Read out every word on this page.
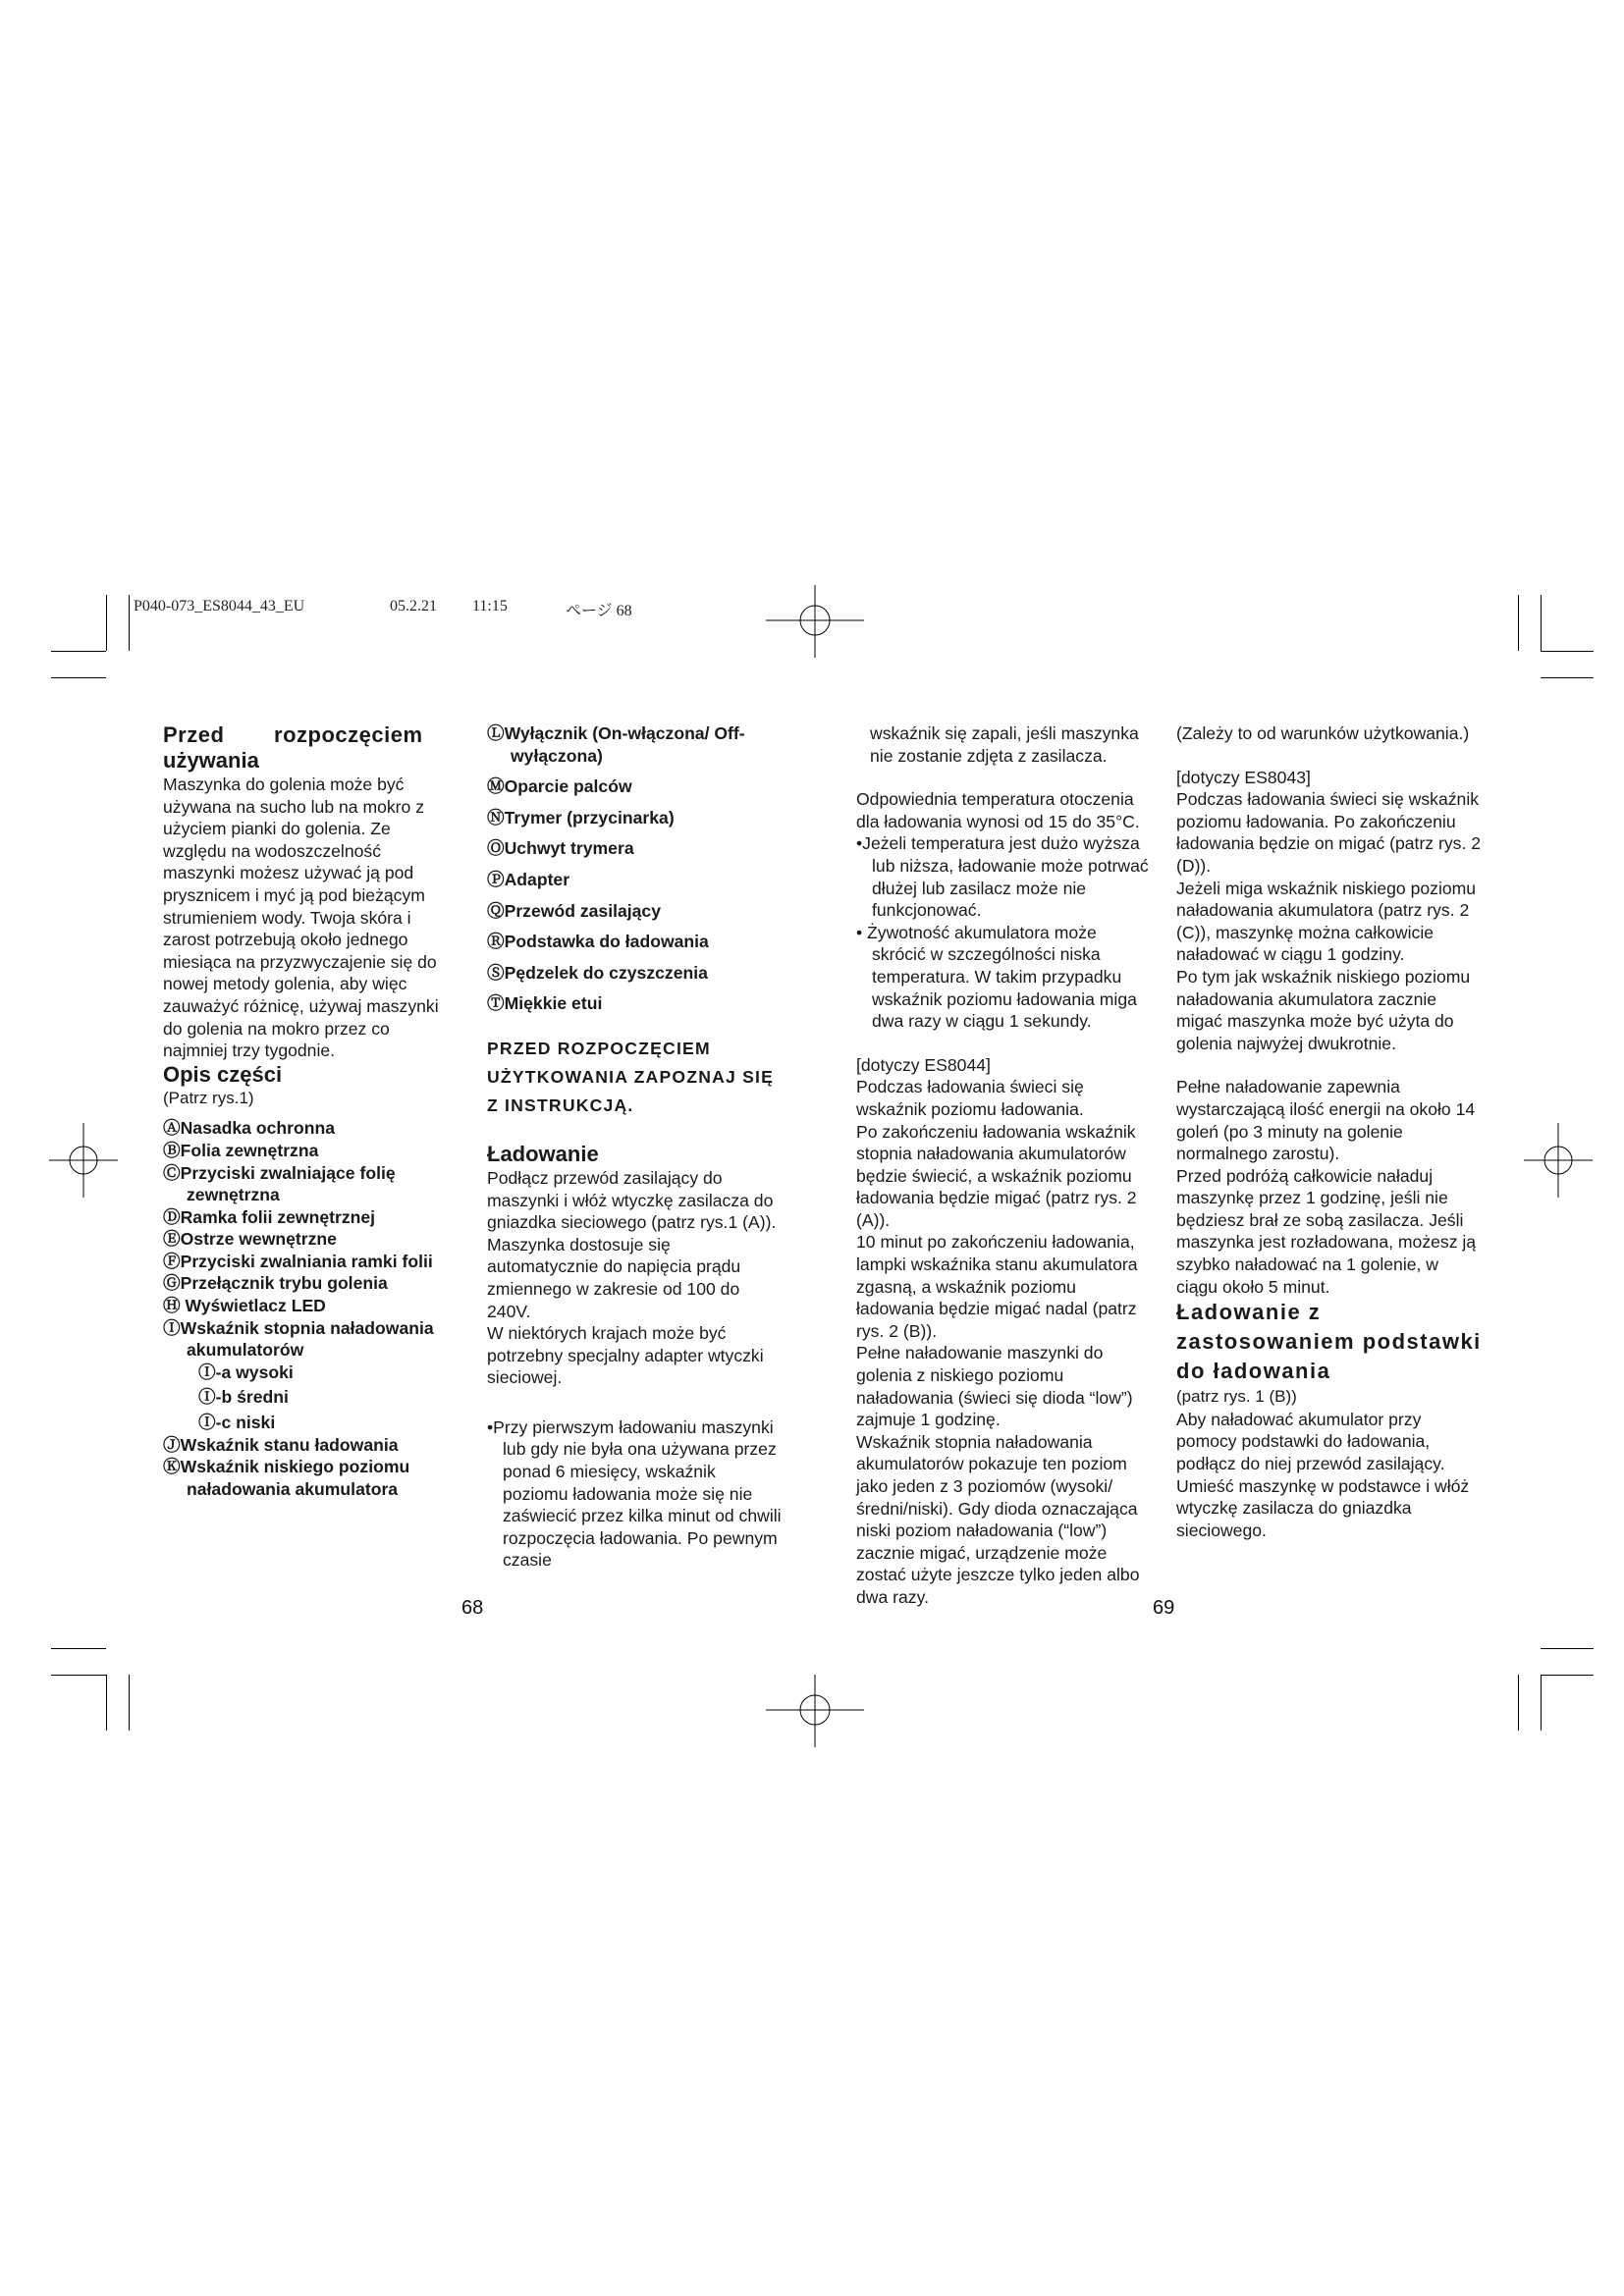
P040-073_ES8044_43_EU	05.2.21 11:15	ページ 68

Przed rozpoczęciem

używania

Maszynka do golenia może być używana na sucho lub na mokro z użyciem pianki do golenia. Ze względu na wodoszczelność maszynki możesz używać ją pod prysznicem i myć ją pod bieżącym strumieniem wody. Twoja skóra i zarost potrzebują około jednego miesiąca na przyzwyczajenie się do nowej metody golenia, aby więc zauważyć różnicę, używaj maszynki do golenia na mokro przez co najmniej trzy tygodnie.

Opis części

(Patrz rys.1)

ⒶNasadka ochronna

ⒷFolia zewnętrzna

ⒸPrzyciski zwalniające folię zewnętrzna

ⒹRamka folii zewnętrznej

ⒺOstrze wewnętrzne

ⒻPrzyciski zwalniania ramki folii

ⒼPrzełącznik trybu golenia

Ⓗ Wyświetlacz LED

ⒾWskaźnik stopnia naładowania akumulatorów

Ⓘ-a wysoki

Ⓘ-b średni

Ⓘ-c niski

ⒿWskaźnik stanu ładowania

ⓀWskaźnik niskiego poziomu naładowania akumulatora

ⓁWyłącznik (On-włączona/ Off-wyłączona)

ⓂOparcie palców

ⓃTrymer (przycinarka)

ⓄUchwyt trymera

ⓅAdapter

ⓆPrzewód zasilający

ⓇPodstawka do ładowania

ⓈPędzelek do czyszczenia

ⓉMiękkie etui

PRZED ROZPOCZĘCIEM UŻYTKOWANIA ZAPOZNAJ SIĘ Z INSTRUKCJĄ.

Ładowanie

Podłącz przewód zasilający do maszynki i włóż wtyczkę zasilacza do gniazdka sieciowego (patrz rys.1 (A)).

Maszynka dostosuje się automatycznie do napięcia prądu zmiennego w zakresie od 100 do 240V.

W niektórych krajach może być potrzebny specjalny adapter wtyczki sieciowej.

•Przy pierwszym ładowaniu maszynki lub gdy nie była ona używana przez ponad 6 miesięcy, wskaźnik poziomu ładowania może się nie zaświecić przez kilka minut od chwili rozpoczęcia ładowania. Po pewnym czasie

wskaźnik się zapali, jeśli maszynka nie zostanie zdjęta z zasilacza.

Odpowiednia temperatura otoczenia dla ładowania wynosi od 15 do 35°C.

•Jeżeli temperatura jest dużo wyższa lub niższa, ładowanie może potrwać dłużej lub zasilacz może nie funkcjonować.

• Żywotność akumulatora może skrócić w szczególności niska temperatura. W takim przypadku wskaźnik poziomu ładowania miga dwa razy w ciągu 1 sekundy.

[dotyczy ES8044]

Podczas ładowania świeci się wskaźnik poziomu ładowania.

Po zakończeniu ładowania wskaźnik stopnia naładowania akumulatorów będzie świecić, a wskaźnik poziomu ładowania będzie migać (patrz rys. 2 (A)).

10 minut po zakończeniu ładowania, lampki wskaźnika stanu akumulatora zgasną, a wskaźnik poziomu ładowania będzie migać nadal (patrz rys. 2 (B)).

Pełne naładowanie maszynki do golenia z niskiego poziomu naładowania (świeci się dioda “low”) zajmuje 1 godzinę.

Wskaźnik stopnia naładowania akumulatorów pokazuje ten poziom jako jeden z 3 poziomów (wysoki/ średni/niski). Gdy dioda oznaczająca niski poziom naładowania (“low”) zacznie migać, urządzenie może zostać użyte jeszcze tylko jeden albo dwa razy.

(Zależy to od warunków użytkowania.)

[dotyczy ES8043]

Podczas ładowania świeci się wskaźnik poziomu ładowania. Po zakończeniu ładowania będzie on migać (patrz rys. 2 (D)).

Jeżeli miga wskaźnik niskiego poziomu naładowania akumulatora (patrz rys. 2 (C)), maszynkę można całkowicie naładować w ciągu 1 godziny.

Po tym jak wskaźnik niskiego poziomu naładowania akumulatora zacznie migać maszynka może być użyta do golenia najwyżej dwukrotnie.

Pełne naładowanie zapewnia wystarczającą ilość energii na około 14 goleń (po 3 minuty na golenie normalnego zarostu).

Przed podróżą całkowicie naładuj maszynkę przez 1 godzinę, jeśli nie będziesz brał ze sobą zasilacza. Jeśli maszynka jest rozładowana, możesz ją szybko naładować na 1 golenie, w ciągu około 5 minut.

Ładowanie z zastosowaniem podstawki do ładowania

(patrz rys. 1 (B))

Aby naładować akumulator przy pomocy podstawki do ładowania, podłącz do niej przewód zasilający. Umieść maszynkę w podstawce i włóż wtyczkę zasilacza do gniazdka sieciowego.

68	69
